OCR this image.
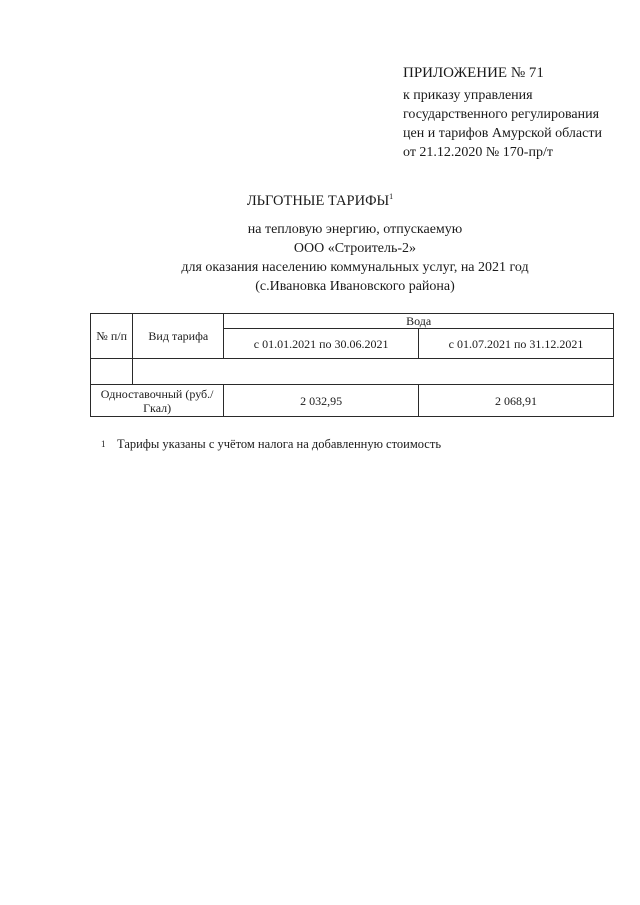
ПРИЛОЖЕНИЕ № 71
к приказу управления
государственного регулирования
цен и тарифов Амурской области
от 21.12.2020 № 170-пр/т
ЛЬГОТНЫЕ ТАРИФЫ$^1$
на тепловую энергию, отпускаемую
ООО «Строитель-2»
для оказания населению коммунальных услуг, на 2021 год
(с.Ивановка Ивановского района)
№ п/п	Вид тарифа	Вода	
		с 01.01.2021 по 30.06.2021	с 01.07.2021 по 31.12.2021

Одноставочный (руб./Гкал)		2 032,95	2 068,91
1 Тарифы указаны с учётом налога на добавленную стоимость
